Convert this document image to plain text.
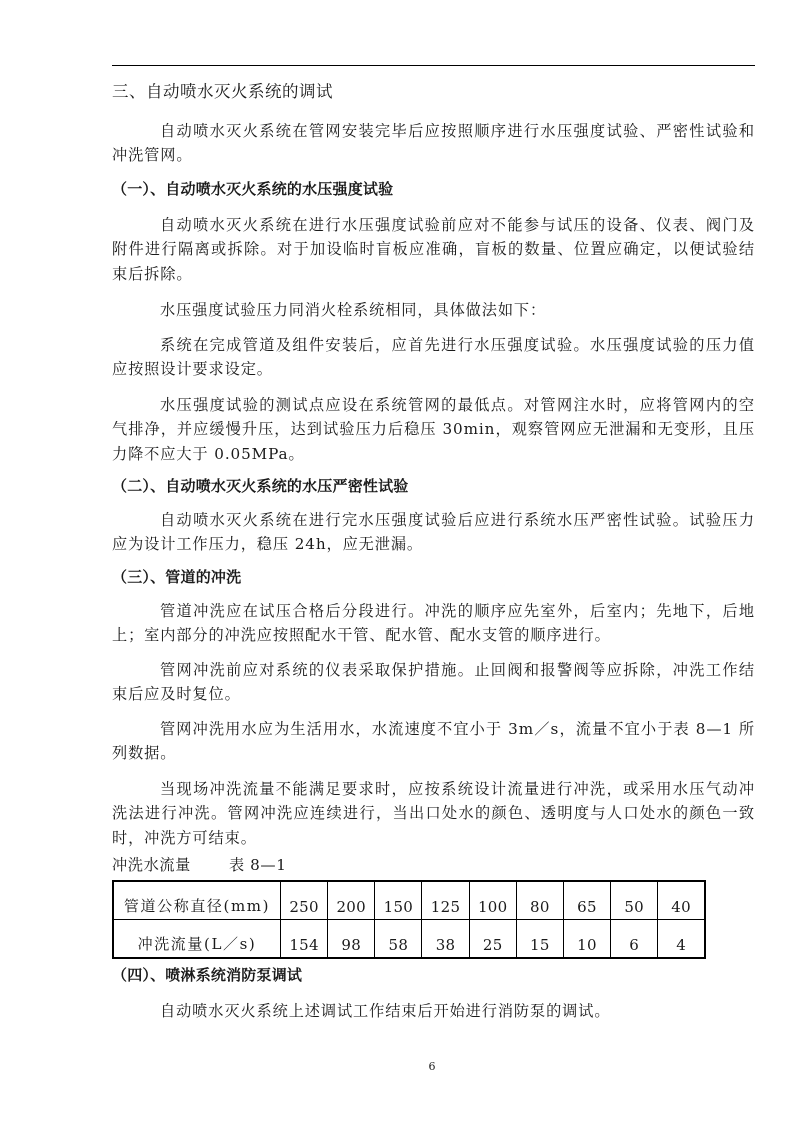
三、自动喷水灭火系统的调试

自动喷水灭火系统在管网安装完毕后应按照顺序进行水压强度试验、严密性试验和冲洗管网。

（一）、自动喷水灭火系统的水压强度试验

自动喷水灭火系统在进行水压强度试验前应对不能参与试压的设备、仪表、阀门及附件进行隔离或拆除。对于加设临时盲板应准确，盲板的数量、位置应确定，以便试验结束后拆除。

水压强度试验压力同消火栓系统相同，具体做法如下：

系统在完成管道及组件安装后，应首先进行水压强度试验。水压强度试验的压力值应按照设计要求设定。

水压强度试验的测试点应设在系统管网的最低点。对管网注水时，应将管网内的空气排净，并应缓慢升压，达到试验压力后稳压 30min，观察管网应无泄漏和无变形，且压力降不应大于 0.05MPa。

（二）、自动喷水灭火系统的水压严密性试验

自动喷水灭火系统在进行完水压强度试验后应进行系统水压严密性试验。试验压力应为设计工作压力，稳压 24h，应无泄漏。

（三）、管道的冲洗

管道冲洗应在试压合格后分段进行。冲洗的顺序应先室外，后室内；先地下，后地上；室内部分的冲洗应按照配水干管、配水管、配水支管的顺序进行。

管网冲洗前应对系统的仪表采取保护措施。止回阀和报警阀等应拆除，冲洗工作结束后应及时复位。

管网冲洗用水应为生活用水，水流速度不宜小于 3m／s，流量不宜小于表 8—1 所列数据。

当现场冲洗流量不能满足要求时，应按系统设计流量进行冲洗，或采用水压气动冲洗法进行冲洗。管网冲洗应连续进行，当出口处水的颜色、透明度与人口处水的颜色一致时，冲洗方可结束。

冲洗水流量	表 8—1
管道公称直径(mm)	250	200	150	125	100	80	65	50	40
冲洗流量(L／s)	154	98	58	38	25	15	10	6	4
（四）、喷淋系统消防泵调试

自动喷水灭火系统上述调试工作结束后开始进行消防泵的调试。

6
